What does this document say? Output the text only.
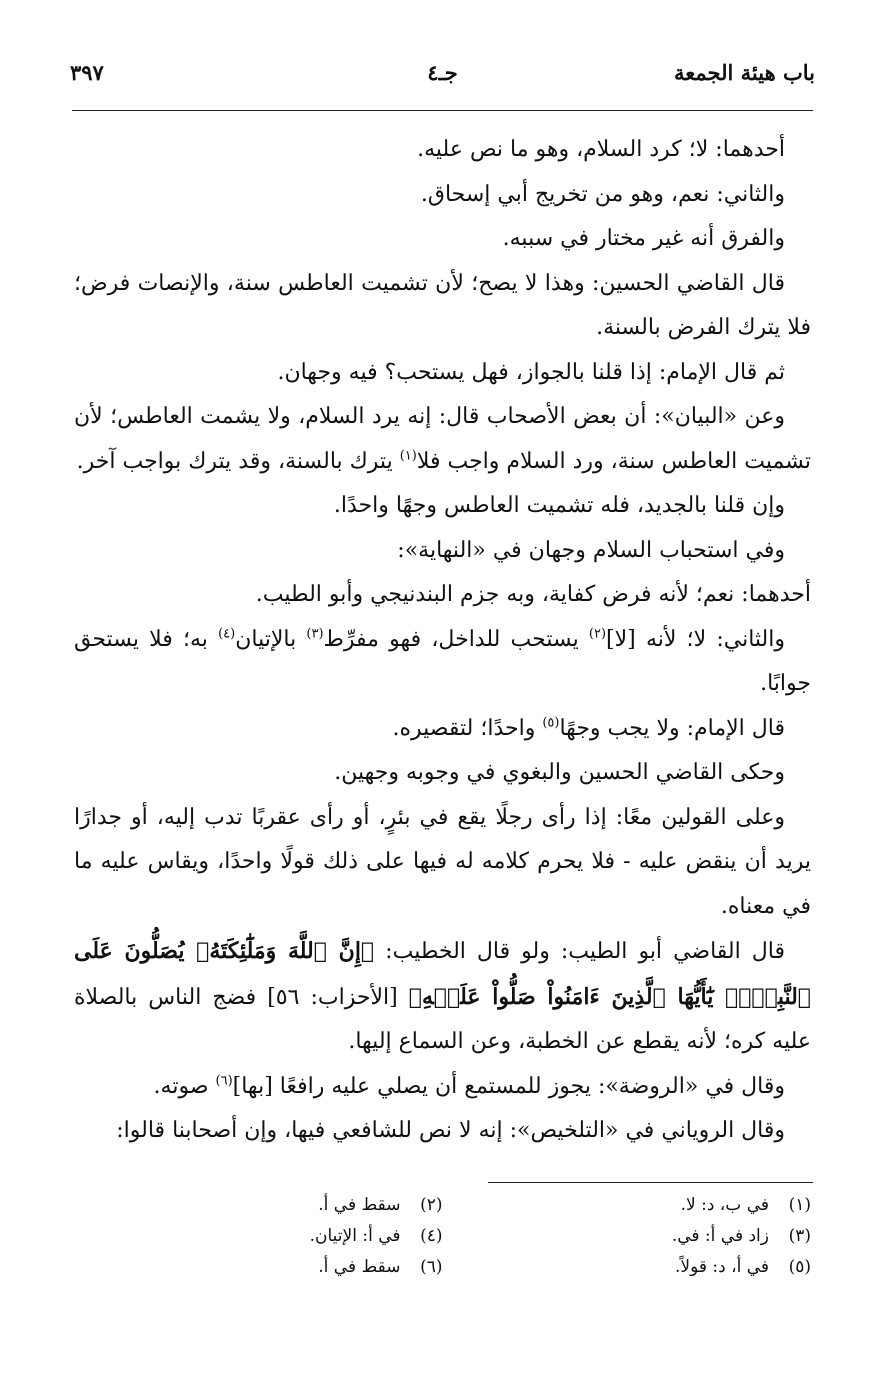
باب هيئة الجمعة
جـ٤
٣٩٧

أحدهما: لا؛ كرد السلام، وهو ما نص عليه.

والثاني: نعم، وهو من تخريج أبي إسحاق.

والفرق أنه غير مختار في سببه.

قال القاضي الحسين: وهذا لا يصح؛ لأن تشميت العاطس سنة، والإنصات فرض؛ فلا يترك الفرض بالسنة.

ثم قال الإمام: إذا قلنا بالجواز، فهل يستحب؟ فيه وجهان.

وعن «البيان»: أن بعض الأصحاب قال: إنه يرد السلام، ولا يشمت العاطس؛ لأن تشميت العاطس سنة، ورد السلام واجب فلا$^{(١)}$ يترك بالسنة، وقد يترك بواجب آخر.

وإن قلنا بالجديد، فله تشميت العاطس وجهًا واحدًا.

وفي استحباب السلام وجهان في «النهاية»:

أحدهما: نعم؛ لأنه فرض كفاية، وبه جزم البندنيجي وأبو الطيب.

والثاني: لا؛ لأنه [لا]$^{(٢)}$ يستحب للداخل، فهو مفرِّط$^{(٣)}$ بالإتيان$^{(٤)}$ به؛ فلا يستحق جوابًا.

قال الإمام: ولا يجب وجهًا$^{(٥)}$ واحدًا؛ لتقصيره.

وحكى القاضي الحسين والبغوي في وجوبه وجهين.

وعلى القولين معًا: إذا رأى رجلًا يقع في بئرٍ، أو رأى عقربًا تدب إليه، أو جدارًا يريد أن ينقض عليه - فلا يحرم كلامه له فيها على ذلك قولًا واحدًا، ويقاس عليه ما في معناه.

قال القاضي أبو الطيب: ولو قال الخطيب: ﴿إِنَّ ٱللَّهَ وَمَلَٰٓئِكَتَهُۥ يُصَلُّونَ عَلَى ٱلنَّبِيِّۚ يَٰٓأَيُّهَا ٱلَّذِينَ ءَامَنُواْ صَلُّواْ عَلَيۡهِ﴾ [الأحزاب: ٥٦] فضج الناس بالصلاة عليه كره؛ لأنه يقطع عن الخطبة، وعن السماع إليها.

وقال في «الروضة»: يجوز للمستمع أن يصلي عليه رافعًا [بها]$^{(٦)}$ صوته.

وقال الروياني في «التلخيص»: إنه لا نص للشافعي فيها، وإن أصحابنا قالوا:

(١)
في ب، د: لا.
(٢)
سقط في أ.
(٣)
زاد في أ: في.
(٤)
في أ: الإتيان.
(٥)
في أ، د: قولاً.
(٦)
سقط في أ.
